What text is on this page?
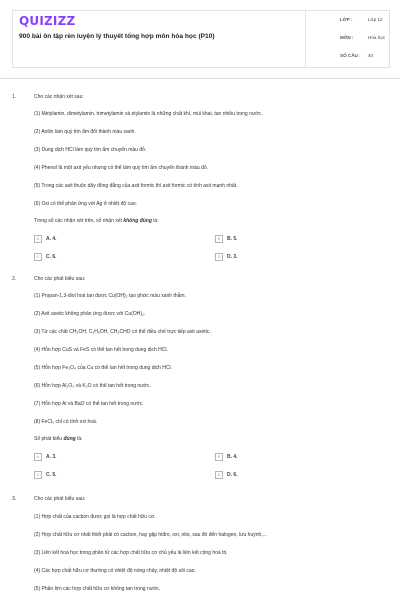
QUIZIZZ
900 bài ôn tập rèn luyện lý thuyết tổng hợp môn hóa học (P10)
LỚP :	Lớp 12
MÔN :	Hóa học
SỐ CÂU : 40
1.	Cho các nhận xét sau:
(1) Metylamin, dimetylamin, trimetylamin và etylamin là những chất khí, mùi khai, tan nhiều trong nước.
(2) Anilin làm quỳ tím ẩm đổi thành màu xanh.
(3) Dung dịch HCl làm quỳ tím ẩm chuyển màu đỏ.
(4) Phenol là một axit yếu nhưng có thể làm quỳ tím ẩm chuyển thành màu đỏ.
(5) Trong các axit thuộc dãy đồng đẳng của axit formic thì axit formic có tính axit mạnh nhất.
(6) Oxi có thể phản ứng với Ag ở nhiệt độ cao.
Trong số các nhận xét trên, số nhận xét không đúng là:
A	A. 4.	B	B. 5.
C	C. 6.	D	D. 3.
2.	Cho các phát biểu sau:
(1) Propan-1,3-diol hoà tan được Cu(OH)₂ tạo phức màu xanh thẫm.
(2) Axit axetic không phản ứng được với Cu(OH)₂.
(3) Từ các chất CH₃OH, C₂H₅OH, CH₃CHO có thể điều chế trực tiếp axit axetic.
(4) Hỗn hợp CuS và FeS có thể tan hết trong dung dịch HCl.
(5) Hỗn hợp Fe₃O₄ của Cu có thể tan hết trong dung dịch HCl.
(6) Hỗn hợp Al₂O₃ và K₂O có thể tan hết trong nước.
(7) Hỗn hợp Al và BaO có thể tan hết trong nước.
(8) FeCl₃ chỉ có tính oxi hoá.
Số phát biểu đúng là:
A	A. 3.	B	B. 4.
C	C. 5.	D	D. 6.
3.	Cho các phát biểu sau:
(1) Hợp chất của cacbon được gọi là hợp chất hữu cơ.
(2) Hợp chất hữu cơ nhất thiết phải có cacbon, hay gặp hiđro, oxi, nito, sau đó đến halogen, lưu huỳnh,...
(3) Liên kết hoá học trong phân tử các hợp chất hữu cơ chủ yếu là liên kết cộng hoá trị.
(4) Các hợp chất hữu cơ thường có nhiệt độ nóng chảy, nhiệt độ sôi cao.
(5) Phần lớn các hợp chất hữu cơ không tan trong nước.
